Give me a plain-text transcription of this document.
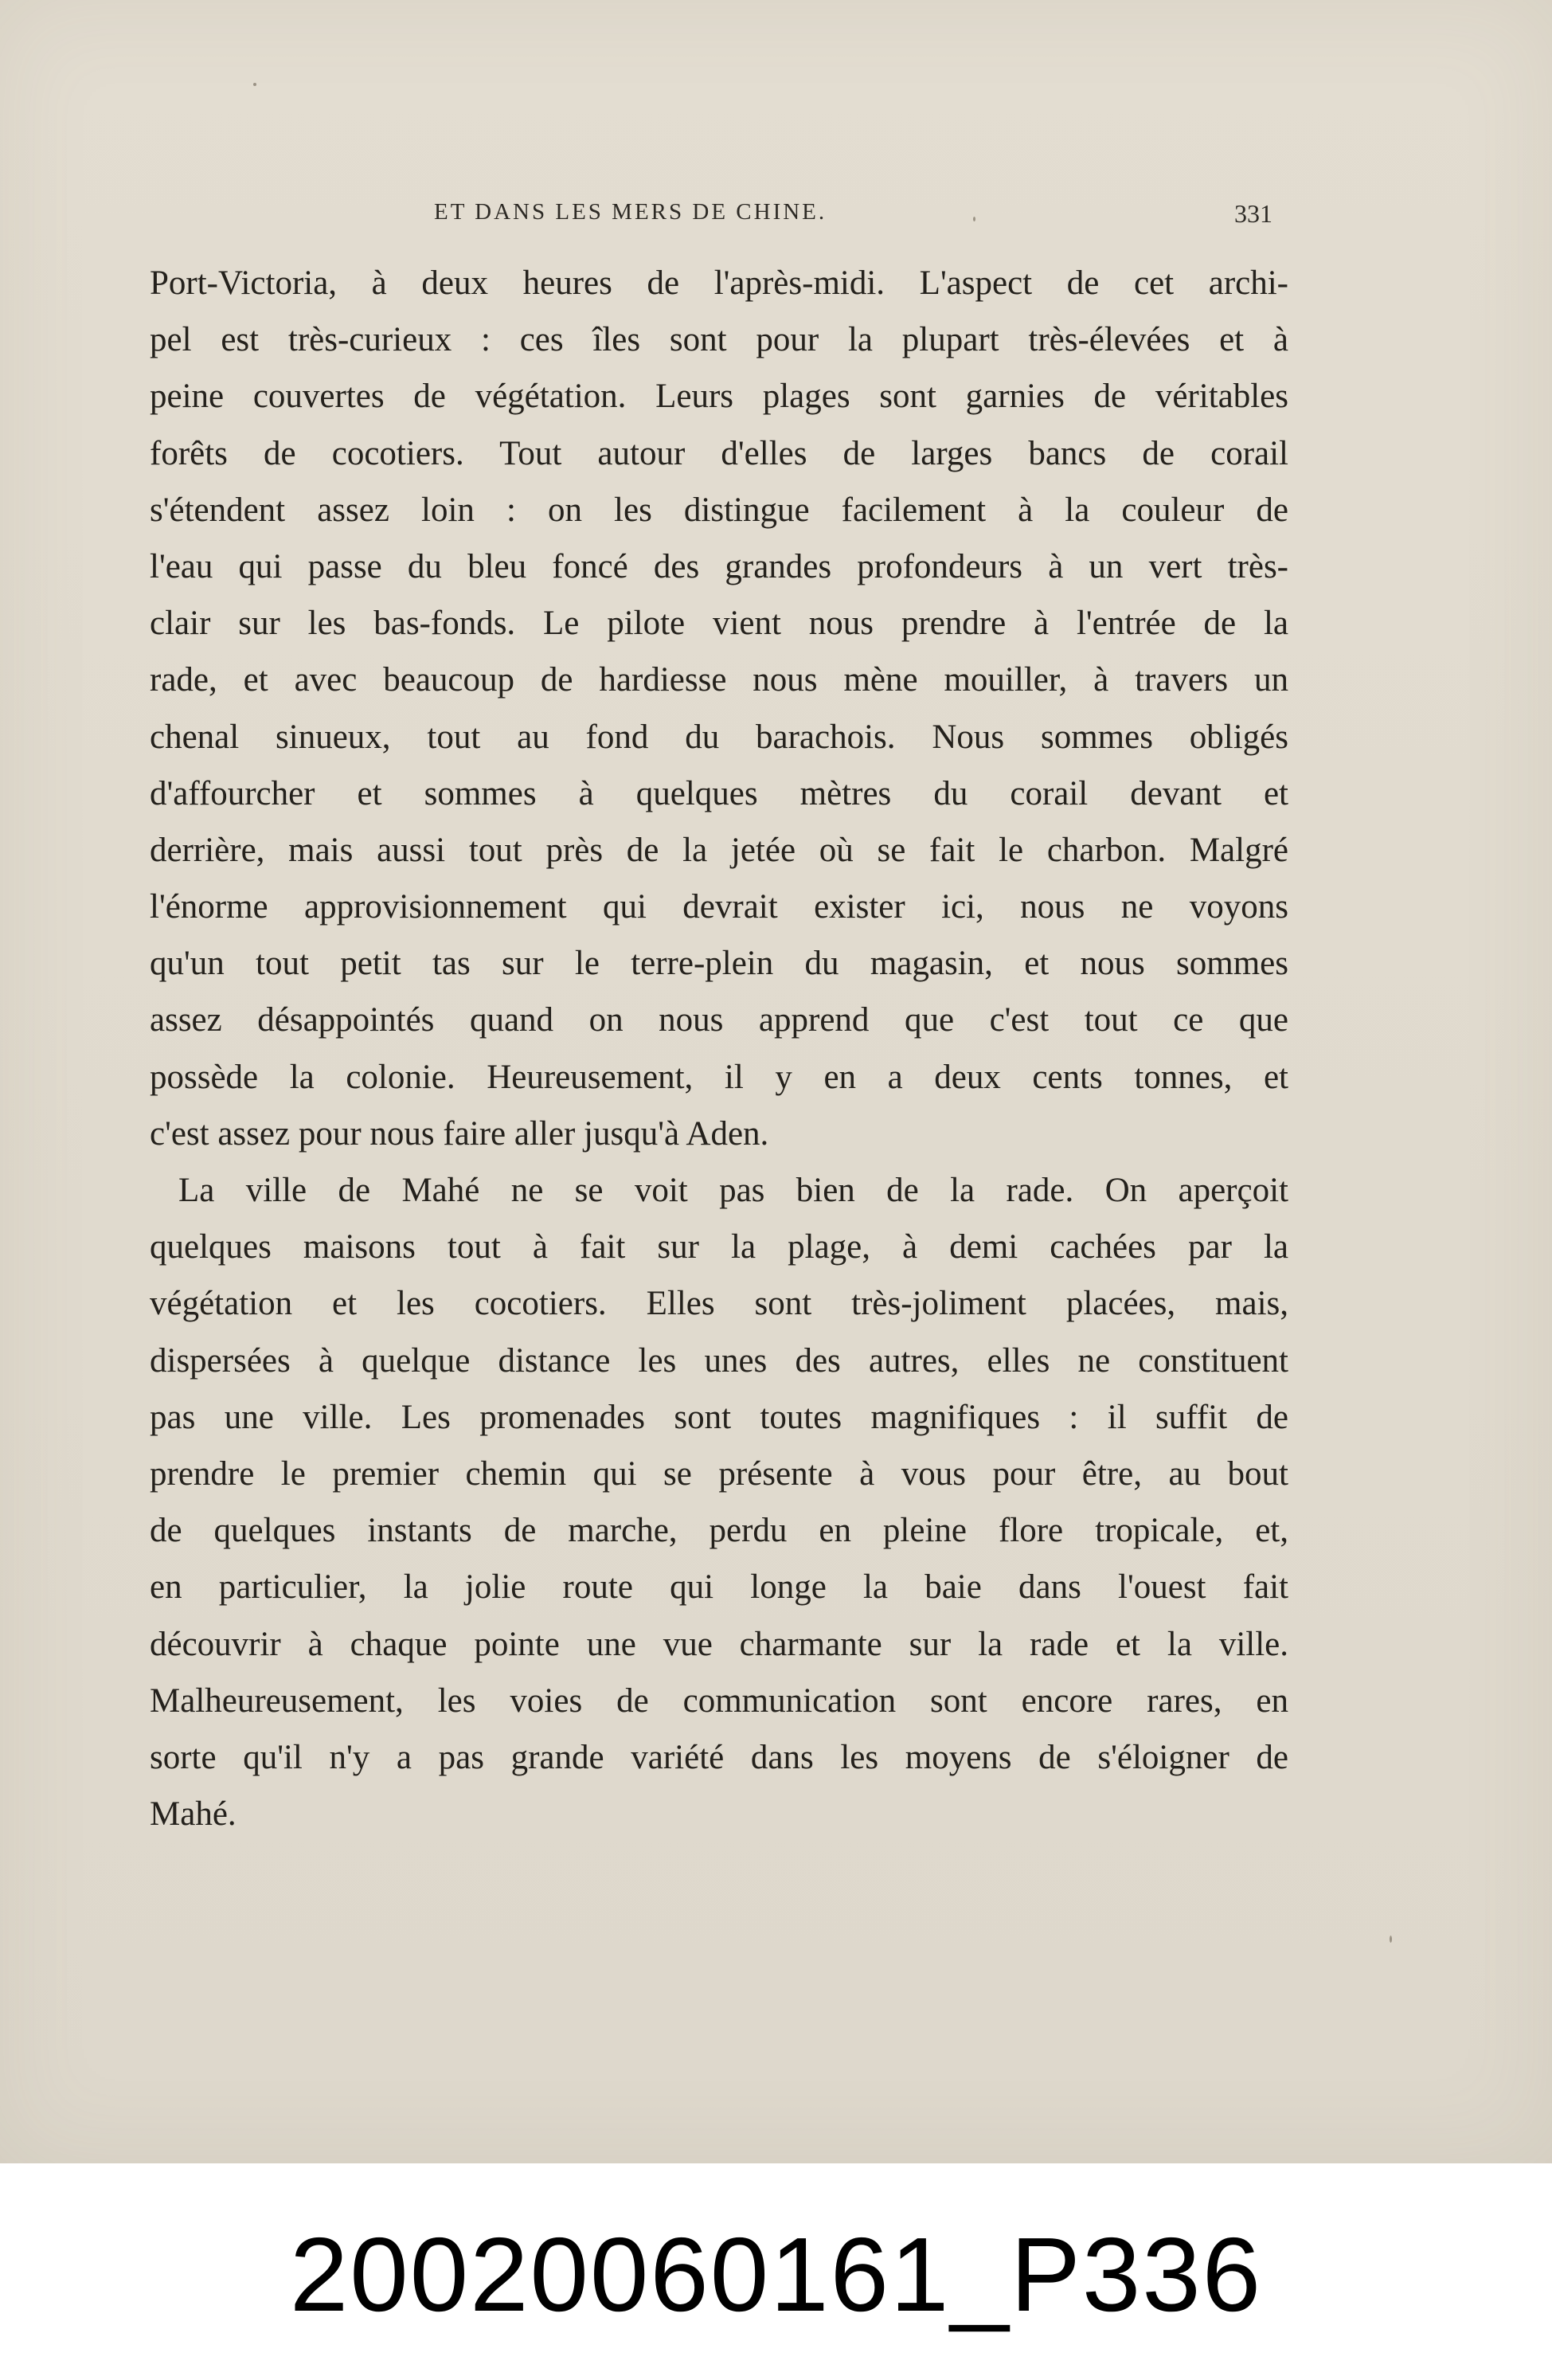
ET DANS LES MERS DE CHINE.	331
Port-Victoria, à deux heures de l'après-midi. L'aspect de cet archi-
pel est très-curieux : ces îles sont pour la plupart très-élevées et à
peine couvertes de végétation. Leurs plages sont garnies de véritables
forêts de cocotiers. Tout autour d'elles de larges bancs de corail
s'étendent assez loin : on les distingue facilement à la couleur de
l'eau qui passe du bleu foncé des grandes profondeurs à un vert très-
clair sur les bas-fonds. Le pilote vient nous prendre à l'entrée de la
rade, et avec beaucoup de hardiesse nous mène mouiller, à travers un
chenal sinueux, tout au fond du barachois. Nous sommes obligés
d'affourcher et sommes à quelques mètres du corail devant et
derrière, mais aussi tout près de la jetée où se fait le charbon. Malgré
l'énorme approvisionnement qui devrait exister ici, nous ne voyons
qu'un tout petit tas sur le terre-plein du magasin, et nous sommes
assez désappointés quand on nous apprend que c'est tout ce que
possède la colonie. Heureusement, il y en a deux cents tonnes, et
c'est assez pour nous faire aller jusqu'à Aden.
La ville de Mahé ne se voit pas bien de la rade. On aperçoit
quelques maisons tout à fait sur la plage, à demi cachées par la
végétation et les cocotiers. Elles sont très-joliment placées, mais,
dispersées à quelque distance les unes des autres, elles ne constituent
pas une ville. Les promenades sont toutes magnifiques : il suffit de
prendre le premier chemin qui se présente à vous pour être, au bout
de quelques instants de marche, perdu en pleine flore tropicale, et,
en particulier, la jolie route qui longe la baie dans l'ouest fait
découvrir à chaque pointe une vue charmante sur la rade et la ville.
Malheureusement, les voies de communication sont encore rares, en
sorte qu'il n'y a pas grande variété dans les moyens de s'éloigner de
Mahé.
20020060161_P336
